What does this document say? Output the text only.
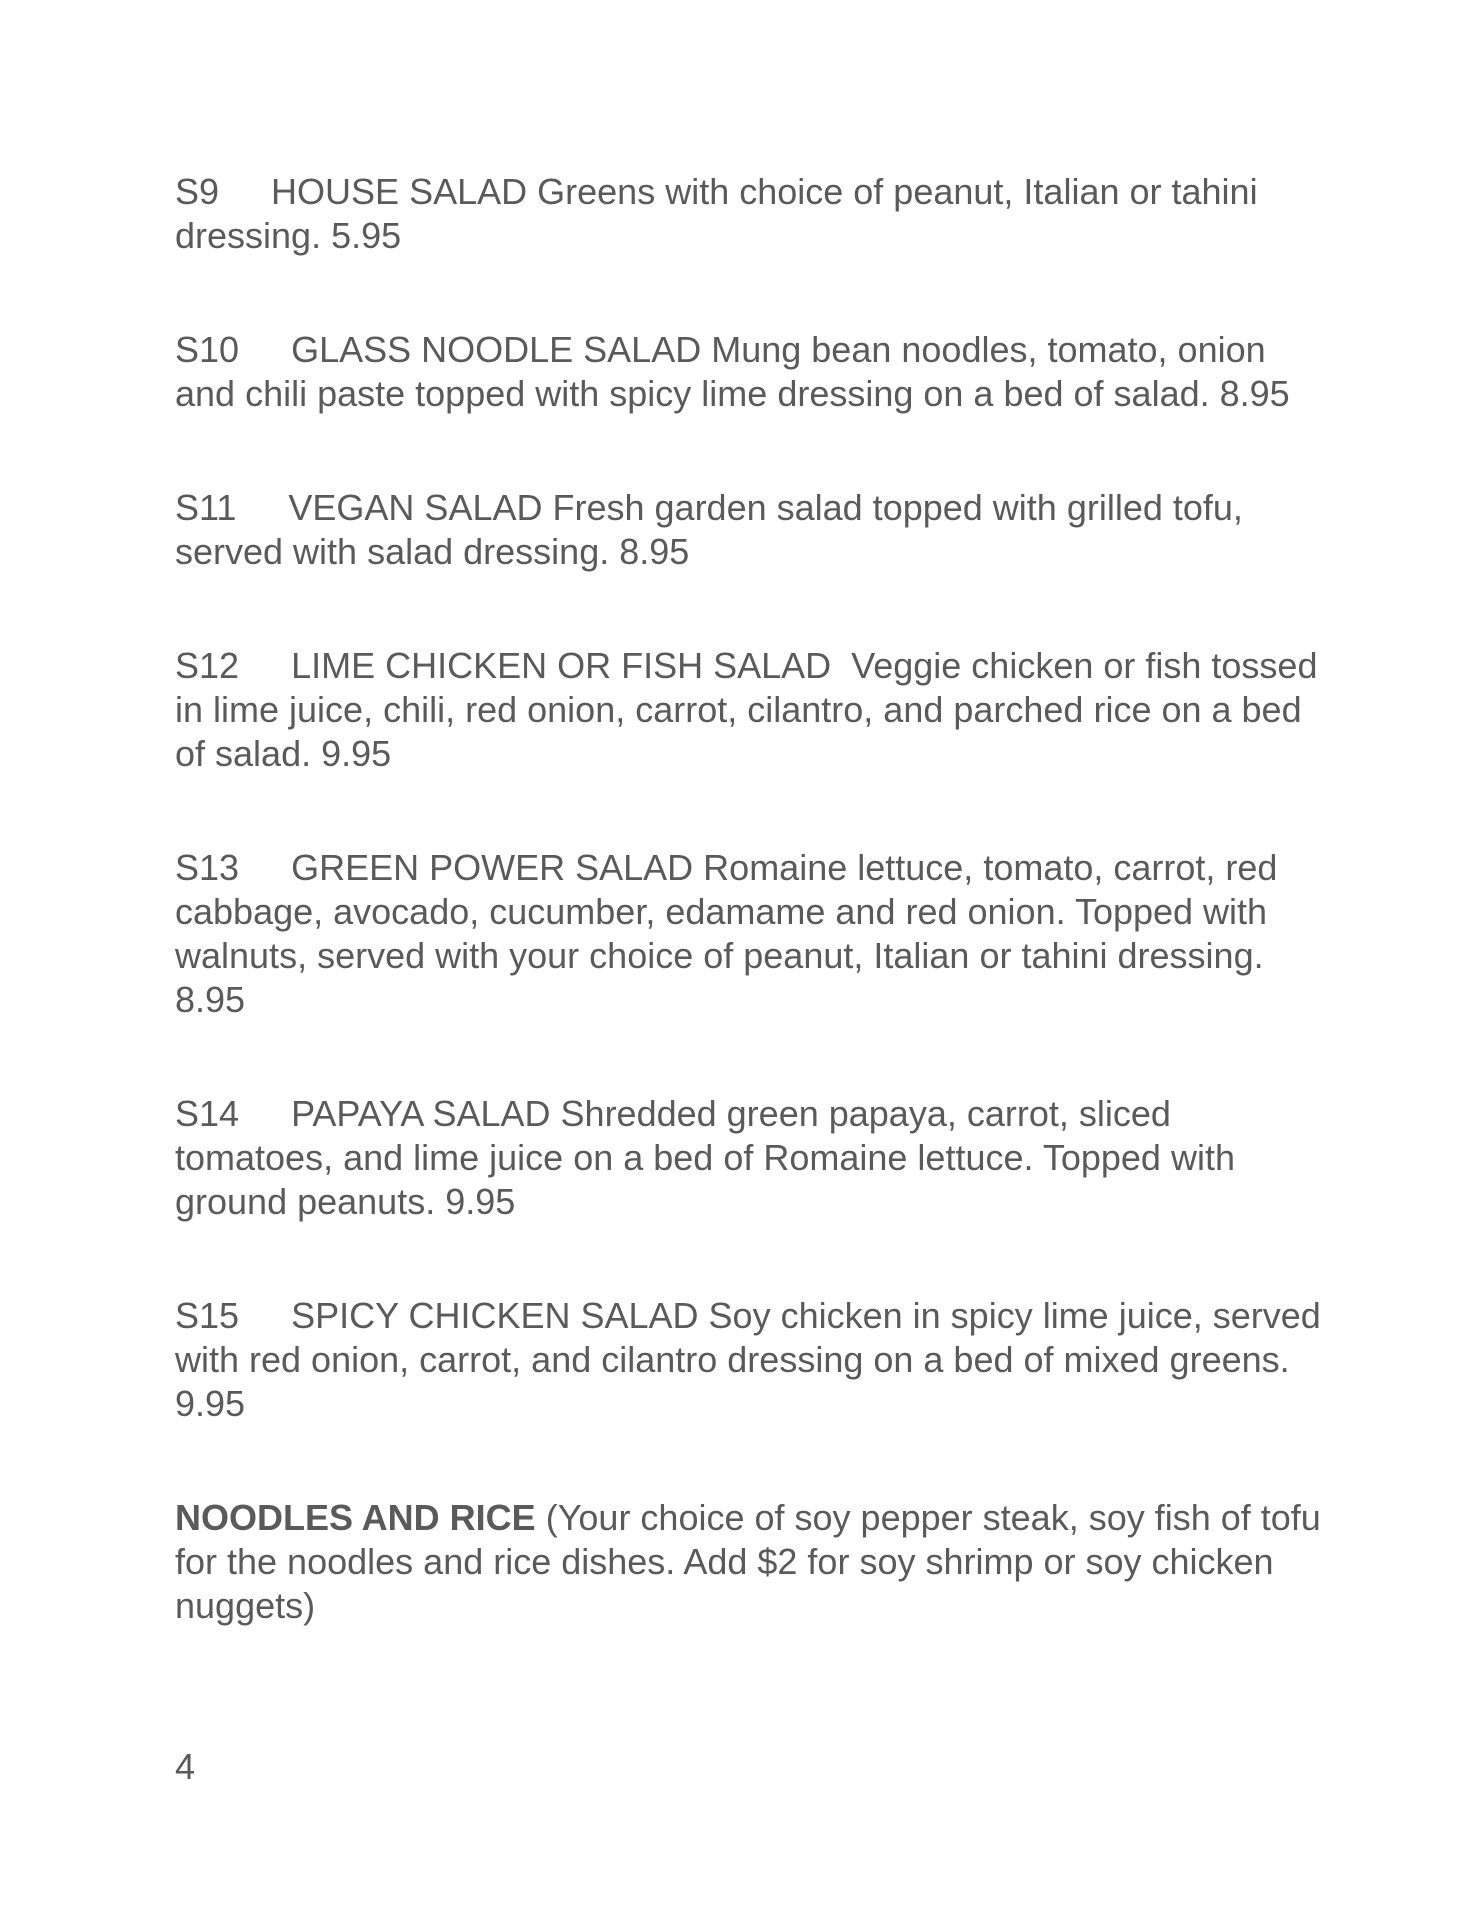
S9 HOUSE SALAD Greens with choice of peanut, Italian or tahini dressing. 5.95
S10 GLASS NOODLE SALAD Mung bean noodles, tomato, onion and chili paste topped with spicy lime dressing on a bed of salad. 8.95
S11 VEGAN SALAD Fresh garden salad topped with grilled tofu, served with salad dressing. 8.95
S12 LIME CHICKEN OR FISH SALAD  Veggie chicken or fish tossed in lime juice, chili, red onion, carrot, cilantro, and parched rice on a bed of salad. 9.95
S13 GREEN POWER SALAD Romaine lettuce, tomato, carrot, red cabbage, avocado, cucumber, edamame and red onion. Topped with walnuts, served with your choice of peanut, Italian or tahini dressing. 8.95
S14 PAPAYA SALAD Shredded green papaya, carrot, sliced tomatoes, and lime juice on a bed of Romaine lettuce. Topped with ground peanuts. 9.95
S15 SPICY CHICKEN SALAD Soy chicken in spicy lime juice, served with red onion, carrot, and cilantro dressing on a bed of mixed greens. 9.95
NOODLES AND RICE (Your choice of soy pepper steak, soy fish of tofu for the noodles and rice dishes. Add $2 for soy shrimp or soy chicken nuggets)
4
